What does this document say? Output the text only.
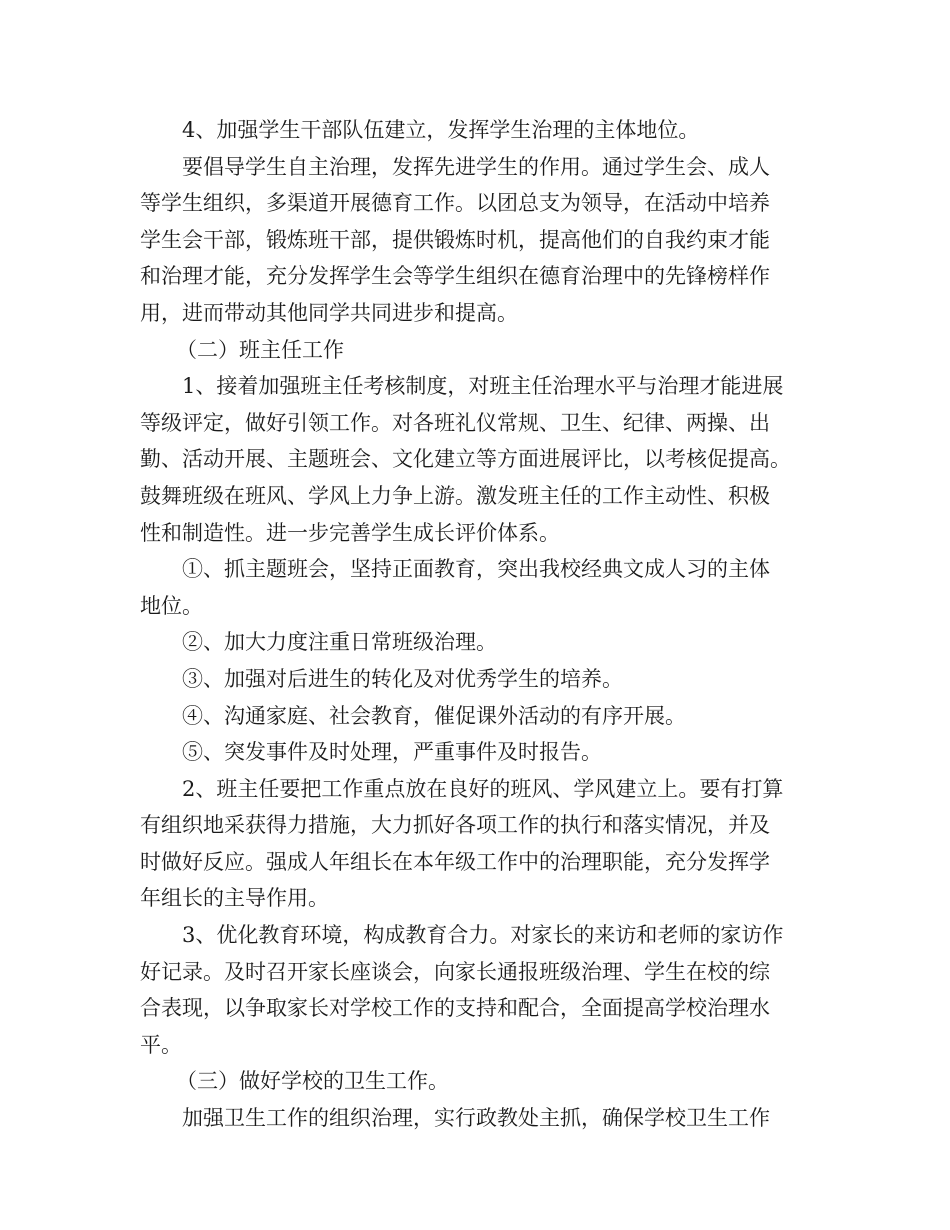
4、加强学生干部队伍建立，发挥学生治理的主体地位。
要倡导学生自主治理，发挥先进学生的作用。通过学生会、成人
等学生组织，多渠道开展德育工作。以团总支为领导，在活动中培养
学生会干部，锻炼班干部，提供锻炼时机，提高他们的自我约束才能
和治理才能，充分发挥学生会等学生组织在德育治理中的先锋榜样作
用，进而带动其他同学共同进步和提高。
（二）班主任工作
1、接着加强班主任考核制度，对班主任治理水平与治理才能进展
等级评定，做好引领工作。对各班礼仪常规、卫生、纪律、两操、出
勤、活动开展、主题班会、文化建立等方面进展评比，以考核促提高。
鼓舞班级在班风、学风上力争上游。激发班主任的工作主动性、积极
性和制造性。进一步完善学生成长评价体系。
①、抓主题班会，坚持正面教育，突出我校经典文成人习的主体
地位。
②、加大力度注重日常班级治理。
③、加强对后进生的转化及对优秀学生的培养。
④、沟通家庭、社会教育，催促课外活动的有序开展。
⑤、突发事件及时处理，严重事件及时报告。
2、班主任要把工作重点放在良好的班风、学风建立上。要有打算
有组织地采获得力措施，大力抓好各项工作的执行和落实情况，并及
时做好反应。强成人年组长在本年级工作中的治理职能，充分发挥学
年组长的主导作用。
3、优化教育环境，构成教育合力。对家长的来访和老师的家访作
好记录。及时召开家长座谈会，向家长通报班级治理、学生在校的综
合表现，以争取家长对学校工作的支持和配合，全面提高学校治理水
平。
（三）做好学校的卫生工作。
加强卫生工作的组织治理，实行政教处主抓，确保学校卫生工作
